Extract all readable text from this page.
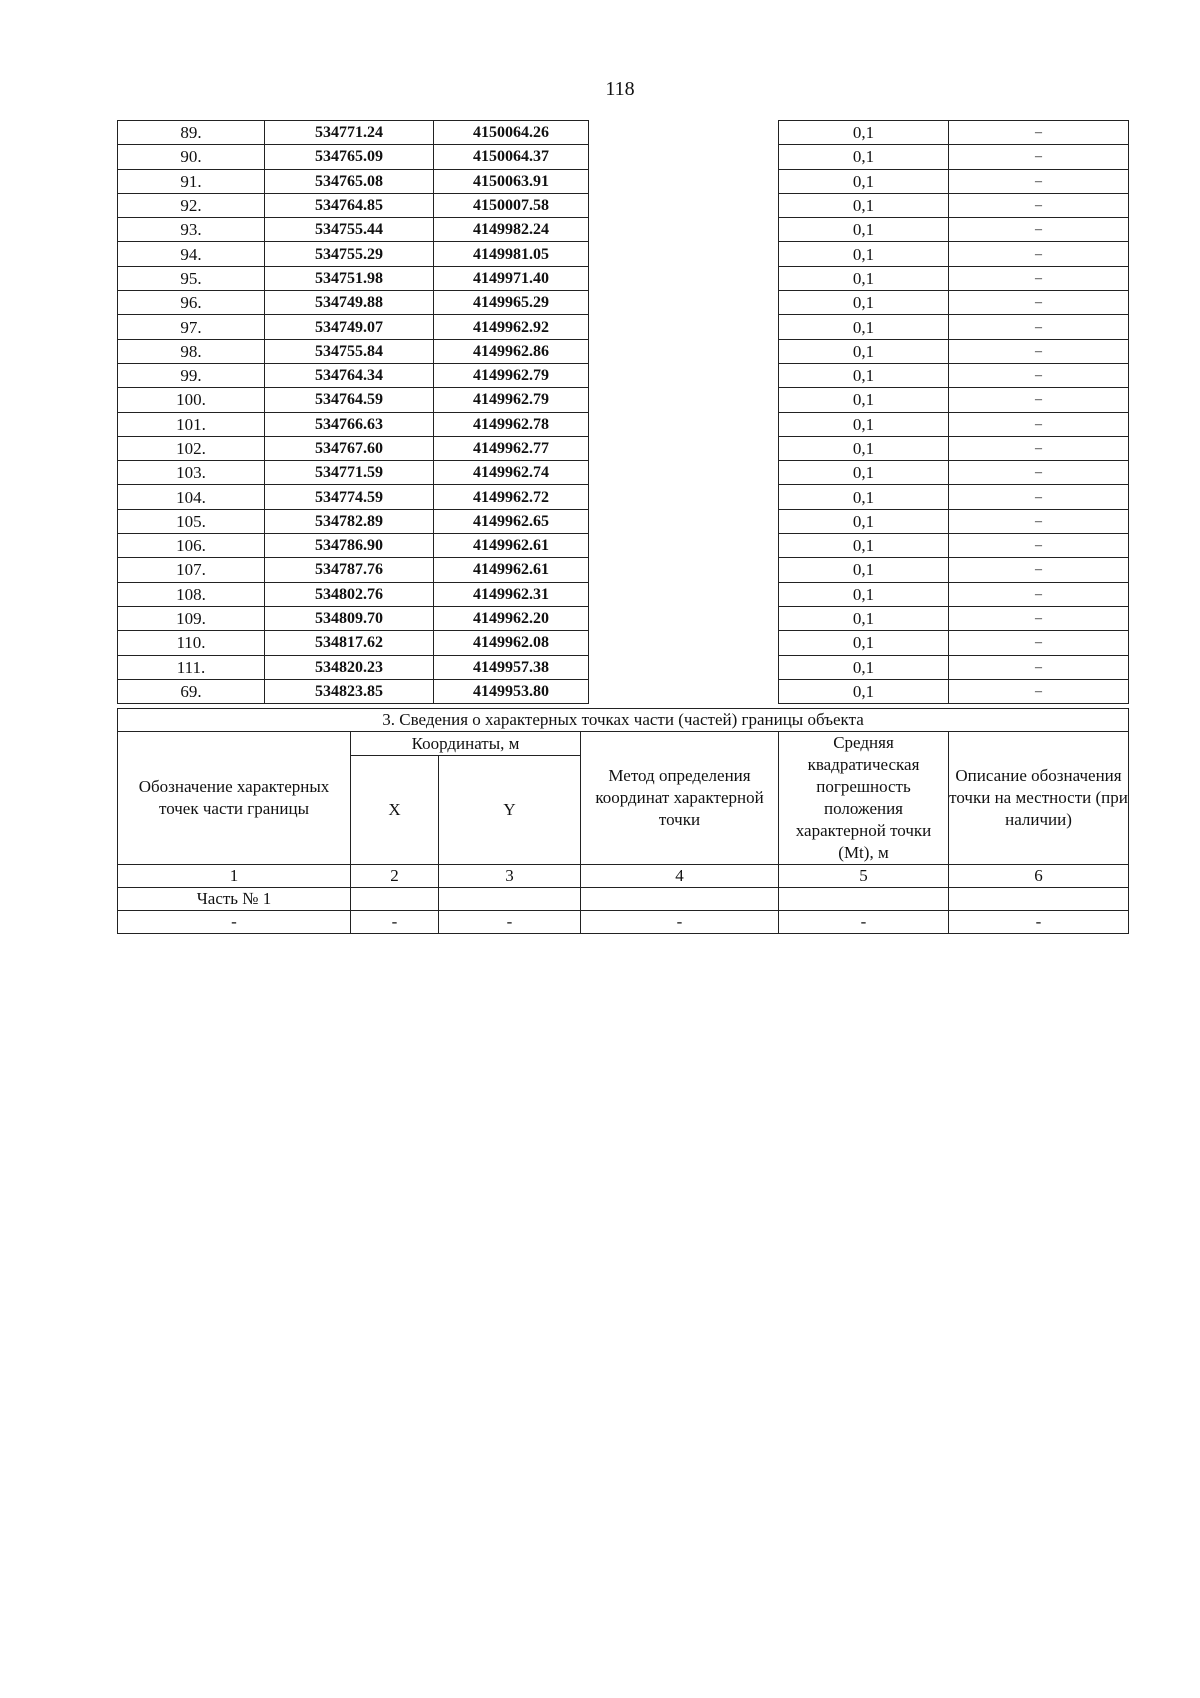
118
89.	534771.24	4150064.26		0,1	–
90.	534765.09	4150064.37		0,1	–
91.	534765.08	4150063.91		0,1	–
92.	534764.85	4150007.58		0,1	–
93.	534755.44	4149982.24		0,1	–
94.	534755.29	4149981.05		0,1	–
95.	534751.98	4149971.40		0,1	–
96.	534749.88	4149965.29		0,1	–
97.	534749.07	4149962.92		0,1	–
98.	534755.84	4149962.86		0,1	–
99.	534764.34	4149962.79		0,1	–
100.	534764.59	4149962.79		0,1	–
101.	534766.63	4149962.78		0,1	–
102.	534767.60	4149962.77		0,1	–
103.	534771.59	4149962.74		0,1	–
104.	534774.59	4149962.72		0,1	–
105.	534782.89	4149962.65		0,1	–
106.	534786.90	4149962.61		0,1	–
107.	534787.76	4149962.61		0,1	–
108.	534802.76	4149962.31		0,1	–
109.	534809.70	4149962.20		0,1	–
110.	534817.62	4149962.08		0,1	–
111.	534820.23	4149957.38		0,1	–
69.	534823.85	4149953.80		0,1	–
3. Сведения о характерных точках части (частей) границы объекта					
Обозначение характерных точек части границы	Координаты, м		Метод определения координат характерной точки	Средняя квадратическая погрешность положения характерной точки (Mt), м	Описание обозначения точки на местности (при наличии)
	X	Y			
1	2	3	4	5	6
Часть № 1					
-	-	-	-	-	-
